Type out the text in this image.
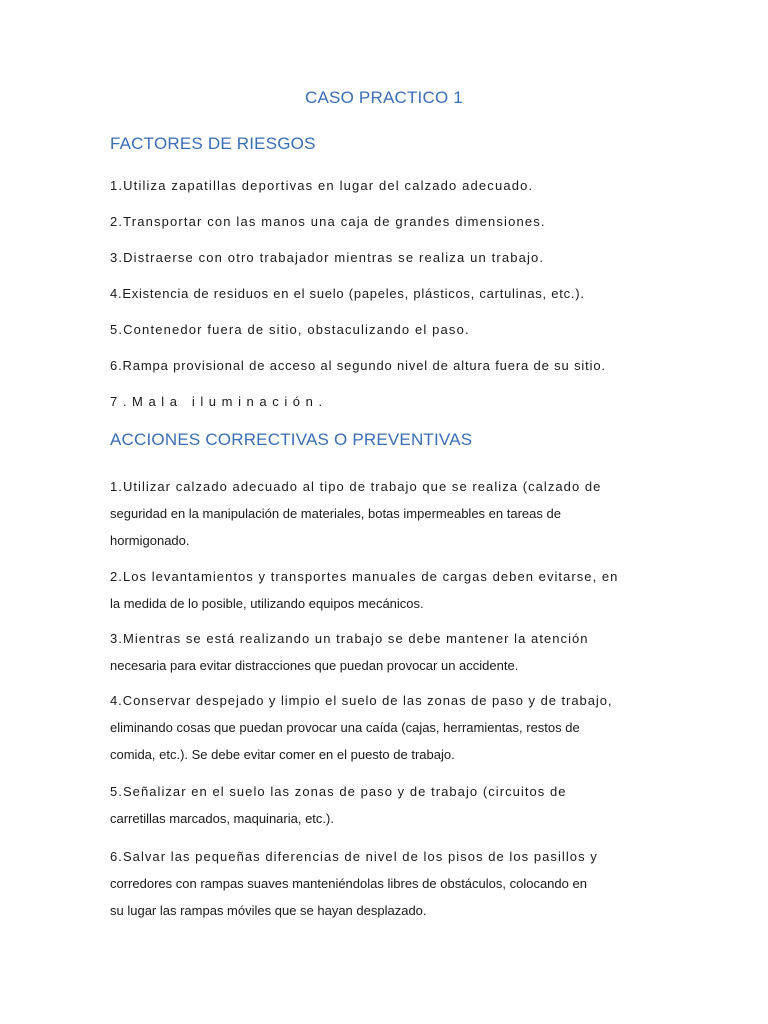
CASO PRACTICO 1
FACTORES DE RIESGOS
1.Utiliza zapatillas deportivas en lugar del calzado adecuado.
2.Transportar con las manos una caja de grandes dimensiones.
3.Distraerse con otro trabajador mientras se realiza un trabajo.
4.Existencia de residuos en el suelo (papeles, plásticos, cartulinas, etc.).
5.Contenedor fuera de sitio, obstaculizando el paso.
6.Rampa provisional de acceso al segundo nivel de altura fuera de su sitio.
7.Mala iluminación.
ACCIONES CORRECTIVAS O PREVENTIVAS
1.Utilizar calzado adecuado al tipo de trabajo que se realiza (calzado de
seguridad en la manipulación de materiales, botas impermeables en tareas de
hormigonado.
2.Los levantamientos y transportes manuales de cargas deben evitarse, en
la medida de lo posible, utilizando equipos mecánicos.
3.Mientras se está realizando un trabajo se debe mantener la atención
necesaria para evitar distracciones que puedan provocar un accidente.
4.Conservar despejado y limpio el suelo de las zonas de paso y de trabajo,
eliminando cosas que puedan provocar una caída (cajas, herramientas, restos de
comida, etc.). Se debe evitar comer en el puesto de trabajo.
5.Señalizar en el suelo las zonas de paso y de trabajo (circuitos de
carretillas marcados, maquinaria, etc.).
6.Salvar las pequeñas diferencias de nivel de los pisos de los pasillos y
corredores con rampas suaves manteniéndolas libres de obstáculos, colocando en
su lugar las rampas móviles que se hayan desplazado.
